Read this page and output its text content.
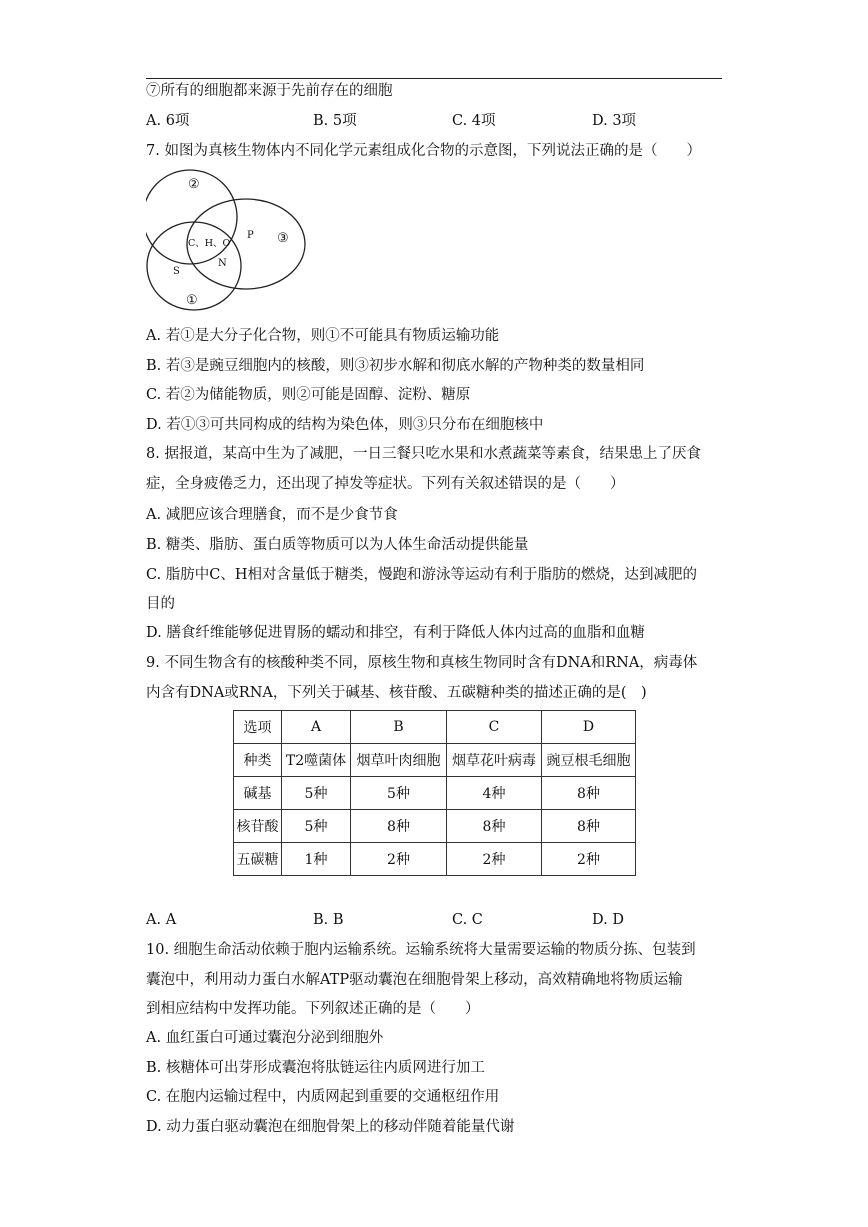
⑦所有的细胞都来源于先前存在的细胞
A. 6项	B. 5项	C. 4项	D. 3项
7. 如图为真核生物体内不同化学元素组成化合物的示意图，下列说法正确的是（　　）
①
②
③
C、H、O
N
P
S
A. 若①是大分子化合物，则①不可能具有物质运输功能
B. 若③是豌豆细胞内的核酸，则③初步水解和彻底水解的产物种类的数量相同
C. 若②为储能物质，则②可能是固醇、淀粉、糖原
D. 若①③可共同构成的结构为染色体，则③只分布在细胞核中
8. 据报道，某高中生为了减肥，一日三餐只吃水果和水煮蔬菜等素食，结果患上了厌食
症，全身疲倦乏力，还出现了掉发等症状。下列有关叙述错误的是（　　）
A. 减肥应该合理膳食，而不是少食节食
B. 糖类、脂肪、蛋白质等物质可以为人体生命活动提供能量
C. 脂肪中C、H相对含量低于糖类，慢跑和游泳等运动有利于脂肪的燃烧，达到减肥的
目的
D. 膳食纤维能够促进胃肠的蠕动和排空，有利于降低人体内过高的血脂和血糖
9. 不同生物含有的核酸种类不同，原核生物和真核生物同时含有DNA和RNA，病毒体
内含有DNA或RNA，下列关于碱基、核苷酸、五碳糖种类的描述正确的是(　)
选项	A	B	C	D
种类	T2噬菌体	烟草叶肉细胞	烟草花叶病毒	豌豆根毛细胞
碱基	5种	5种	4种	8种
核苷酸	5种	8种	8种	8种
五碳糖	1种	2种	2种	2种
A. A	B. B	C. C	D. D
10. 细胞生命活动依赖于胞内运输系统。运输系统将大量需要运输的物质分拣、包装到
囊泡中，利用动力蛋白水解ATP驱动囊泡在细胞骨架上移动，高效精确地将物质运输
到相应结构中发挥功能。下列叙述正确的是（　　）
A. 血红蛋白可通过囊泡分泌到细胞外
B. 核糖体可出芽形成囊泡将肽链运往内质网进行加工
C. 在胞内运输过程中，内质网起到重要的交通枢纽作用
D. 动力蛋白驱动囊泡在细胞骨架上的移动伴随着能量代谢
